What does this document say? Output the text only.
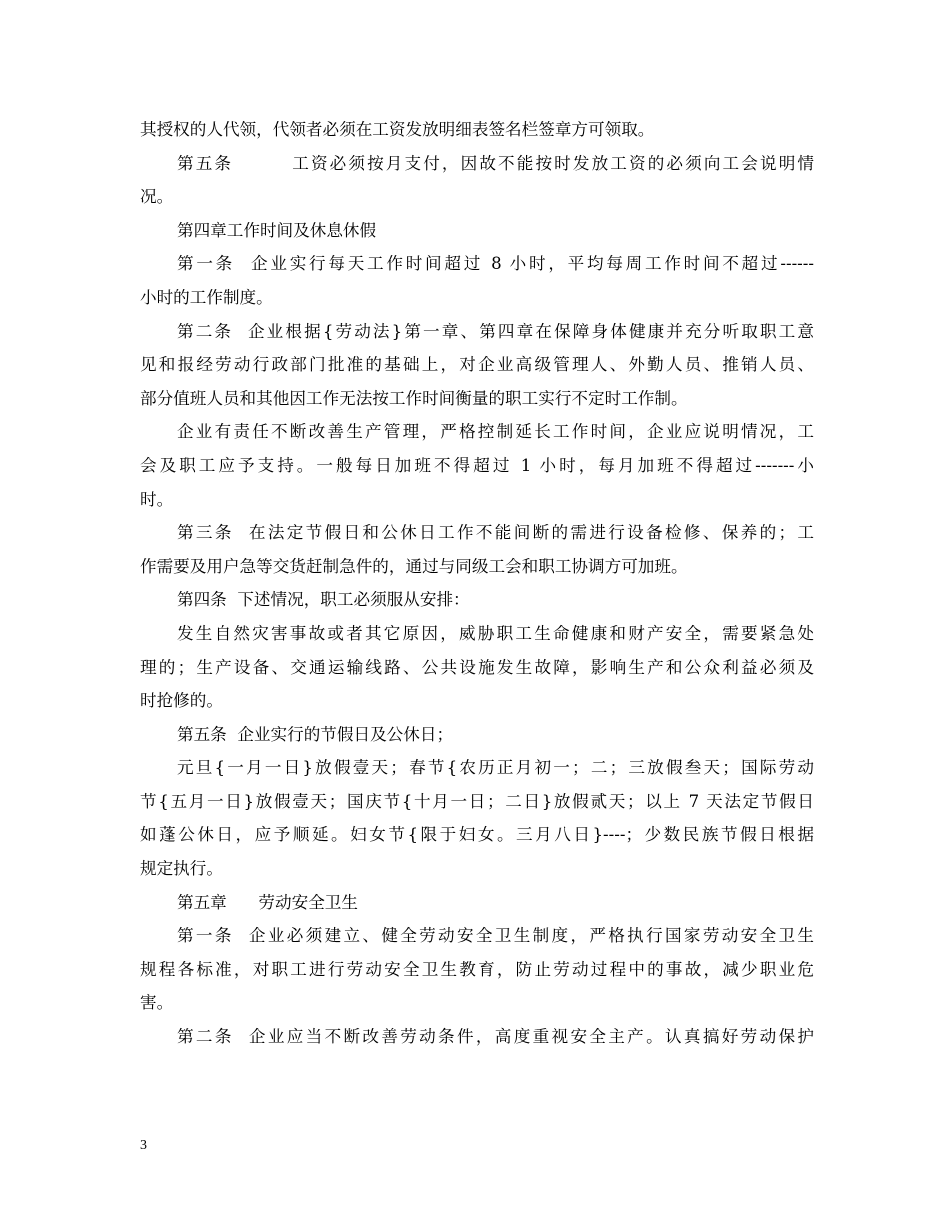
其授权的人代领，代领者必须在工资发放明细表签名栏签章方可领取。
第五条        工资必须按月支付，因故不能按时发放工资的必须向工会说明情
况。
第四章工作时间及休息休假
第一条  企业实行每天工作时间超过 8 小时，平均每周工作时间不超过------
小时的工作制度。
第二条  企业根据{劳动法}第一章、第四章在保障身体健康并充分听取职工意
见和报经劳动行政部门批准的基础上，对企业高级管理人、外勤人员、推销人员、
部分值班人员和其他因工作无法按工作时间衡量的职工实行不定时工作制。
企业有责任不断改善生产管理，严格控制延长工作时间，企业应说明情况，工
会及职工应予支持。一般每日加班不得超过 1 小时，每月加班不得超过-------小
时。
第三条  在法定节假日和公休日工作不能间断的需进行设备检修、保养的；工
作需要及用户急等交货赶制急件的，通过与同级工会和职工协调方可加班。
第四条  下述情况，职工必须服从安排：
发生自然灾害事故或者其它原因，威胁职工生命健康和财产安全，需要紧急处
理的；生产设备、交通运输线路、公共设施发生故障，影响生产和公众利益必须及
时抢修的。
第五条  企业实行的节假日及公休日；
元旦{一月一日}放假壹天；春节{农历正月初一；二；三放假叁天；国际劳动
节{五月一日}放假壹天；国庆节{十月一日；二日}放假贰天；以上 7 天法定节假日
如蓬公休日，应予顺延。妇女节{限于妇女。三月八日}----；少数民族节假日根据
规定执行。
第五章      劳动安全卫生
第一条  企业必须建立、健全劳动安全卫生制度，严格执行国家劳动安全卫生
规程各标准，对职工进行劳动安全卫生教育，防止劳动过程中的事故，减少职业危
害。
第二条  企业应当不断改善劳动条件，高度重视安全主产。认真搞好劳动保护
3
